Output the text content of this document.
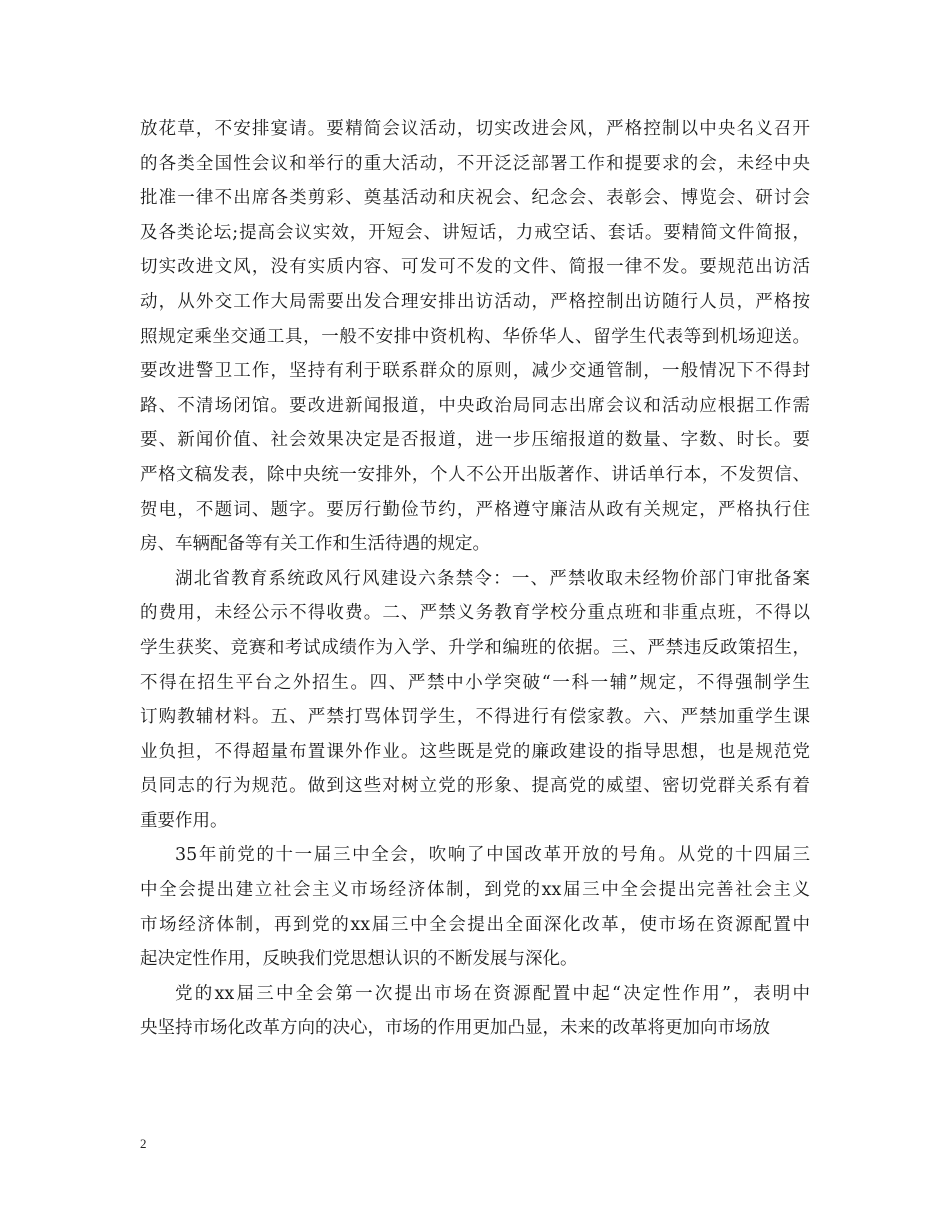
放花草，不安排宴请。要精简会议活动，切实改进会风，严格控制以中央名义召开
的各类全国性会议和举行的重大活动，不开泛泛部署工作和提要求的会，未经中央
批准一律不出席各类剪彩、奠基活动和庆祝会、纪念会、表彰会、博览会、研讨会
及各类论坛;提高会议实效，开短会、讲短话，力戒空话、套话。要精简文件简报，
切实改进文风，没有实质内容、可发可不发的文件、简报一律不发。要规范出访活
动，从外交工作大局需要出发合理安排出访活动，严格控制出访随行人员，严格按
照规定乘坐交通工具，一般不安排中资机构、华侨华人、留学生代表等到机场迎送。
要改进警卫工作，坚持有利于联系群众的原则，减少交通管制，一般情况下不得封
路、不清场闭馆。要改进新闻报道，中央政治局同志出席会议和活动应根据工作需
要、新闻价值、社会效果决定是否报道，进一步压缩报道的数量、字数、时长。要
严格文稿发表，除中央统一安排外，个人不公开出版著作、讲话单行本，不发贺信、
贺电，不题词、题字。要厉行勤俭节约，严格遵守廉洁从政有关规定，严格执行住
房、车辆配备等有关工作和生活待遇的规定。
湖北省教育系统政风行风建设六条禁令：一、严禁收取未经物价部门审批备案
的费用，未经公示不得收费。二、严禁义务教育学校分重点班和非重点班，不得以
学生获奖、竞赛和考试成绩作为入学、升学和编班的依据。三、严禁违反政策招生，
不得在招生平台之外招生。四、严禁中小学突破“一科一辅”规定，不得强制学生
订购教辅材料。五、严禁打骂体罚学生，不得进行有偿家教。六、严禁加重学生课
业负担，不得超量布置课外作业。这些既是党的廉政建设的指导思想，也是规范党
员同志的行为规范。做到这些对树立党的形象、提高党的威望、密切党群关系有着
重要作用。
35年前党的十一届三中全会，吹响了中国改革开放的号角。从党的十四届三
中全会提出建立社会主义市场经济体制，到党的xx届三中全会提出完善社会主义
市场经济体制，再到党的xx届三中全会提出全面深化改革，使市场在资源配置中
起决定性作用，反映我们党思想认识的不断发展与深化。
党的xx届三中全会第一次提出市场在资源配置中起“决定性作用”，表明中
央坚持市场化改革方向的决心，市场的作用更加凸显，未来的改革将更加向市场放
2
